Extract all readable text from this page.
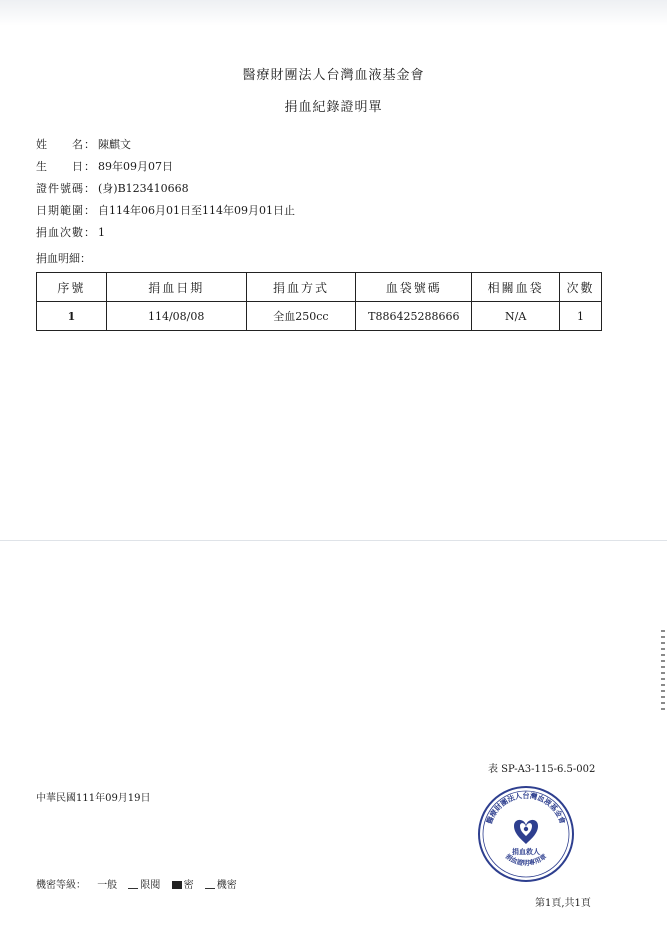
醫療財團法人台灣血液基金會
捐血紀錄證明單
姓　　名： 陳麒文
生　　日： 89年09月07日
證件號碼： (身)B123410668
日期範圍： 自114年06月01日至114年09月01日止
捐血次數： 1
捐血明細：
序號	捐血日期	捐血方式	血袋號碼	相關血袋	次數
1	114/08/08	全血250cc	T886425288666	N/A	1
表 SP-A3-115-6.5-002
中華民國111年09月19日
醫療財團法人台灣血液基金會
捐血救人
捐血證明專用章
機密等級： 一般 限閱 密 機密
第1頁,共1頁
